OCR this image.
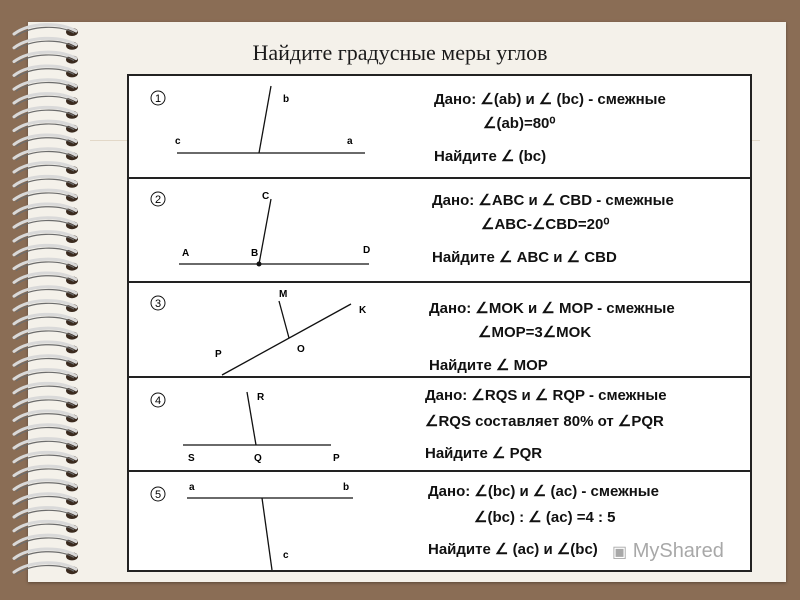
Найдите градусные меры углов
1	b
c	a
Дано: ∠(ab) и ∠ (bc) - смежные
∠(ab)=80⁰
Найдите ∠ (bc)
2	C
A	B	D
Дано: ∠ABC и ∠ CBD - смежные
∠ABC-∠CBD=20⁰
Найдите ∠ ABC и ∠ CBD
3
M
K
P	O
Дано: ∠MOK и ∠ MOP - смежные
∠MOP=3∠MOK
Найдите ∠ MOP
4	R
S	Q	P
Дано: ∠RQS и ∠ RQP - смежные
∠RQS составляет 80% от ∠PQR
Найдите ∠ PQR
5
a	b
c
Дано: ∠(bc) и ∠ (ac) - смежные
∠(bc) : ∠ (ac) =4 : 5
Найдите ∠ (ac) и ∠(bc) ▣ MyShared
